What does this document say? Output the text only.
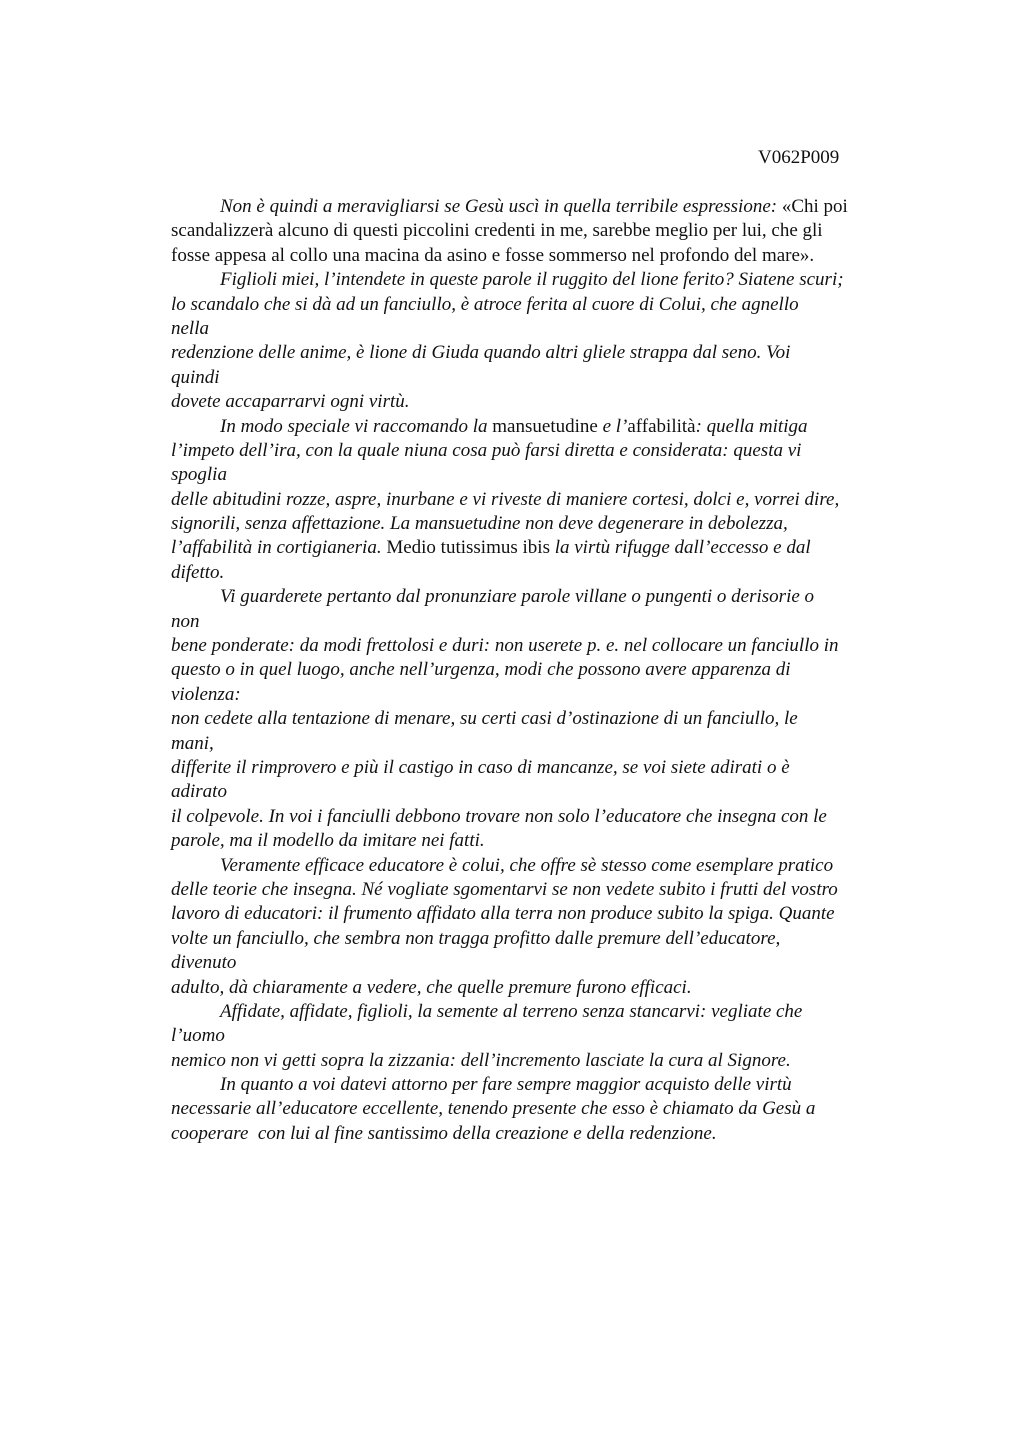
V062P009
Non è quindi a meravigliarsi se Gesù uscì in quella terribile espressione: «Chi poi
scandalizzerà alcuno di questi piccolini credenti in me, sarebbe meglio per lui, che gli
fosse appesa al collo una macina da asino e fosse sommerso nel profondo del mare».
Figlioli miei, l’intendete in queste parole il ruggito del lione ferito? Siatene scuri;
lo scandalo che si dà ad un fanciullo, è atroce ferita al cuore di Colui, che agnello
nella
redenzione delle anime, è lione di Giuda quando altri gliele strappa dal seno. Voi
quindi
dovete accaparrarvi ogni virtù.
In modo speciale vi raccomando la mansuetudine e l’affabilità: quella mitiga
l’impeto dell’ira, con la quale niuna cosa può farsi diretta e considerata: questa vi
spoglia
delle abitudini rozze, aspre, inurbane e vi riveste di maniere cortesi, dolci e, vorrei dire,
signorili, senza affettazione. La mansuetudine non deve degenerare in debolezza,
l’affabilità in cortigianeria. Medio tutissimus ibis la virtù rifugge dall’eccesso e dal
difetto.
Vi guarderete pertanto dal pronunziare parole villane o pungenti o derisorie o
non
bene ponderate: da modi frettolosi e duri: non userete p. e. nel collocare un fanciullo in
questo o in quel luogo, anche nell’urgenza, modi che possono avere apparenza di
violenza:
non cedete alla tentazione di menare, su certi casi d’ostinazione di un fanciullo, le
mani,
differite il rimprovero e più il castigo in caso di mancanze, se voi siete adirati o è
adirato
il colpevole. In voi i fanciulli debbono trovare non solo l’educatore che insegna con le
parole, ma il modello da imitare nei fatti.
Veramente efficace educatore è colui, che offre sè stesso come esemplare pratico
delle teorie che insegna. Né vogliate sgomentarvi se non vedete subito i frutti del vostro
lavoro di educatori: il frumento affidato alla terra non produce subito la spiga. Quante
volte un fanciullo, che sembra non tragga profitto dalle premure dell’educatore,
divenuto
adulto, dà chiaramente a vedere, che quelle premure furono efficaci.
Affidate, affidate, figlioli, la semente al terreno senza stancarvi: vegliate che
l’uomo
nemico non vi getti sopra la zizzania: dell’incremento lasciate la cura al Signore.
In quanto a voi datevi attorno per fare sempre maggior acquisto delle virtù
necessarie all’educatore eccellente, tenendo presente che esso è chiamato da Gesù a
cooperare  con lui al fine santissimo della creazione e della redenzione.
